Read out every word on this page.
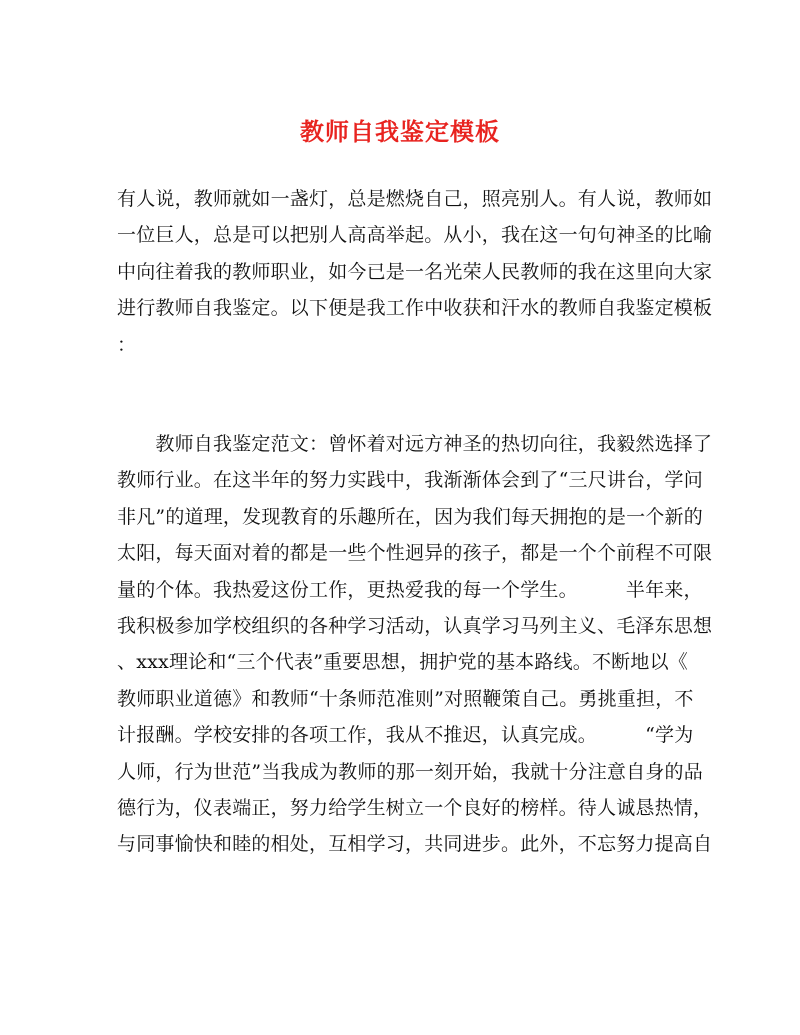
教师自我鉴定模板
有人说，教师就如一盏灯，总是燃烧自己，照亮别人。有人说，教师如
一位巨人，总是可以把别人高高举起。从小，我在这一句句神圣的比喻
中向往着我的教师职业，如今已是一名光荣人民教师的我在这里向大家
进行教师自我鉴定。以下便是我工作中收获和汗水的教师自我鉴定模板
：
　　教师自我鉴定范文：曾怀着对远方神圣的热切向往，我毅然选择了
教师行业。在这半年的努力实践中，我渐渐体会到了“三尺讲台，学问
非凡”的道理，发现教育的乐趣所在，因为我们每天拥抱的是一个新的
太阳，每天面对着的都是一些个性迥异的孩子，都是一个个前程不可限
量的个体。我热爱这份工作，更热爱我的每一个学生。　　　半年来，
我积极参加学校组织的各种学习活动，认真学习马列主义、毛泽东思想
、xxx理论和“三个代表”重要思想，拥护党的基本路线。不断地以《
教师职业道德》和教师“十条师范准则”对照鞭策自己。勇挑重担，不
计报酬。学校安排的各项工作，我从不推迟，认真完成。　　　“学为
人师，行为世范”当我成为教师的那一刻开始，我就十分注意自身的品
德行为，仪表端正，努力给学生树立一个良好的榜样。待人诚恳热情，
与同事愉快和睦的相处，互相学习，共同进步。此外，不忘努力提高自
